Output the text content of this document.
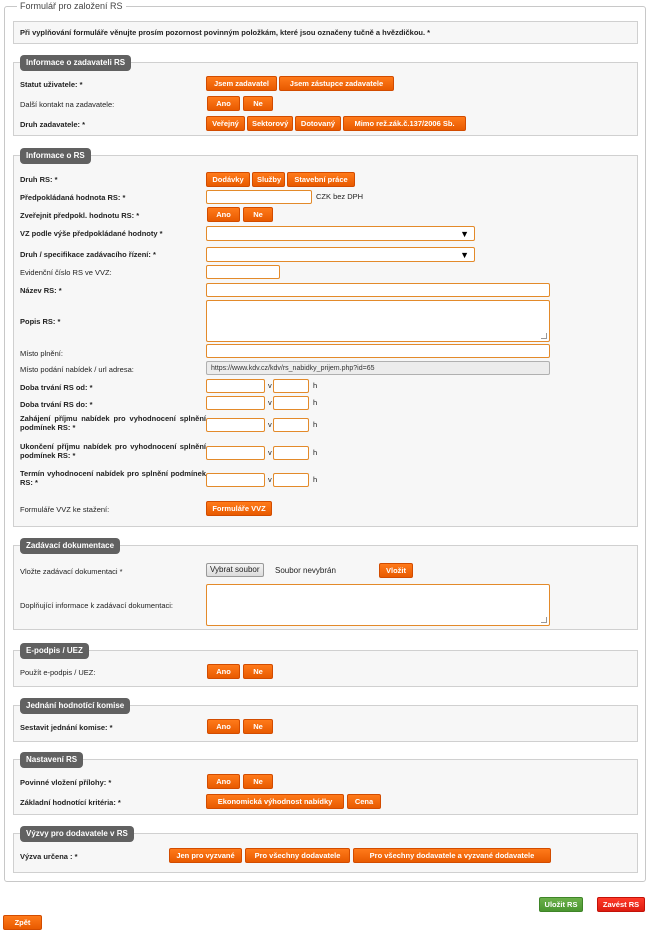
Formulář pro založení RS
Při vyplňování formuláře věnujte prosím pozornost povinným položkám, které jsou označeny tučně a hvězdičkou. *
Informace o zadavateli RS
Statut uživatele: *	Jsem zadavatel	Jsem zástupce zadavatele
Další kontakt na zadavatele:	Ano	Ne
Druh zadavatele: *	Veřejný	Sektorový	Dotovaný	Mimo rež.zák.č.137/2006 Sb.
Informace o RS
Druh RS: *	Dodávky	Služby	Stavební práce
Předpokládaná hodnota RS: *	CZK bez DPH
Zveřejnit předpokl. hodnotu RS: *	Ano	Ne
VZ podle výše předpokládané hodnoty *	▼
Druh / specifikace zadávacího řízení: *	▼
Evidenční číslo RS ve VVZ:
Název RS: *
Popis RS: *
Místo plnění:
Místo podání nabídek / url adresa:	https://www.kdv.cz/kdv/rs_nabidky_prijem.php?id=65
Doba trvání RS od: *	v	h
Doba trvání RS do: *	v	h
Zahájení příjmu nabídek pro vyhodnocení splnění podmínek RS: *	v	h
Ukončení příjmu nabídek pro vyhodnocení splnění podmínek RS: *	v	h
Termín vyhodnocení nabídek pro splnění podmínek RS: *	v	h
Formuláře VVZ ke stažení:	Formuláře VVZ
Zadávací dokumentace
Vložte zadávací dokumentaci *	Vybrat soubor	Soubor nevybrán	Vložit
Doplňující informace k zadávací dokumentaci:
E-podpis / UEZ
Použít e-podpis / UEZ:	Ano	Ne
Jednání hodnotící komise
Sestavit jednání komise: *	Ano	Ne
Nastavení RS
Povinné vložení přílohy: *	Ano	Ne
Základní hodnotící kritéria: *	Ekonomická výhodnost nabídky	Cena
Výzvy pro dodavatele v RS
Výzva určena : *	Jen pro vyzvané	Pro všechny dodavatele	Pro všechny dodavatele a vyzvané dodavatele
Uložit RS	Zavést RS
Zpět
